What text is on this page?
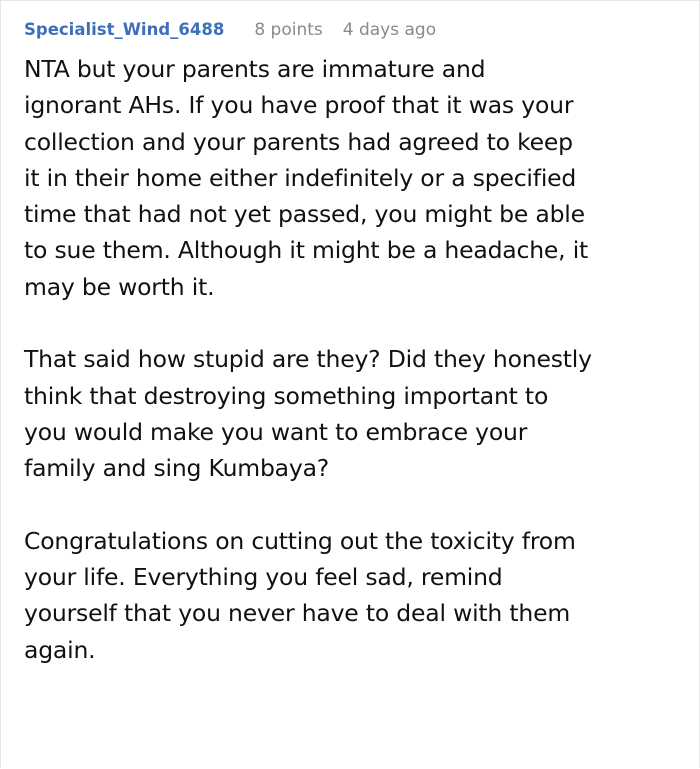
Specialist_Wind_6488 8 points 4 days ago

NTA but your parents are immature and
ignorant AHs. If you have proof that it was your
collection and your parents had agreed to keep
it in their home either indefinitely or a specified
time that had not yet passed, you might be able
to sue them. Although it might be a headache, it
may be worth it.

That said how stupid are they? Did they honestly
think that destroying something important to
you would make you want to embrace your
family and sing Kumbaya?

Congratulations on cutting out the toxicity from
your life. Everything you feel sad, remind
yourself that you never have to deal with them
again.
